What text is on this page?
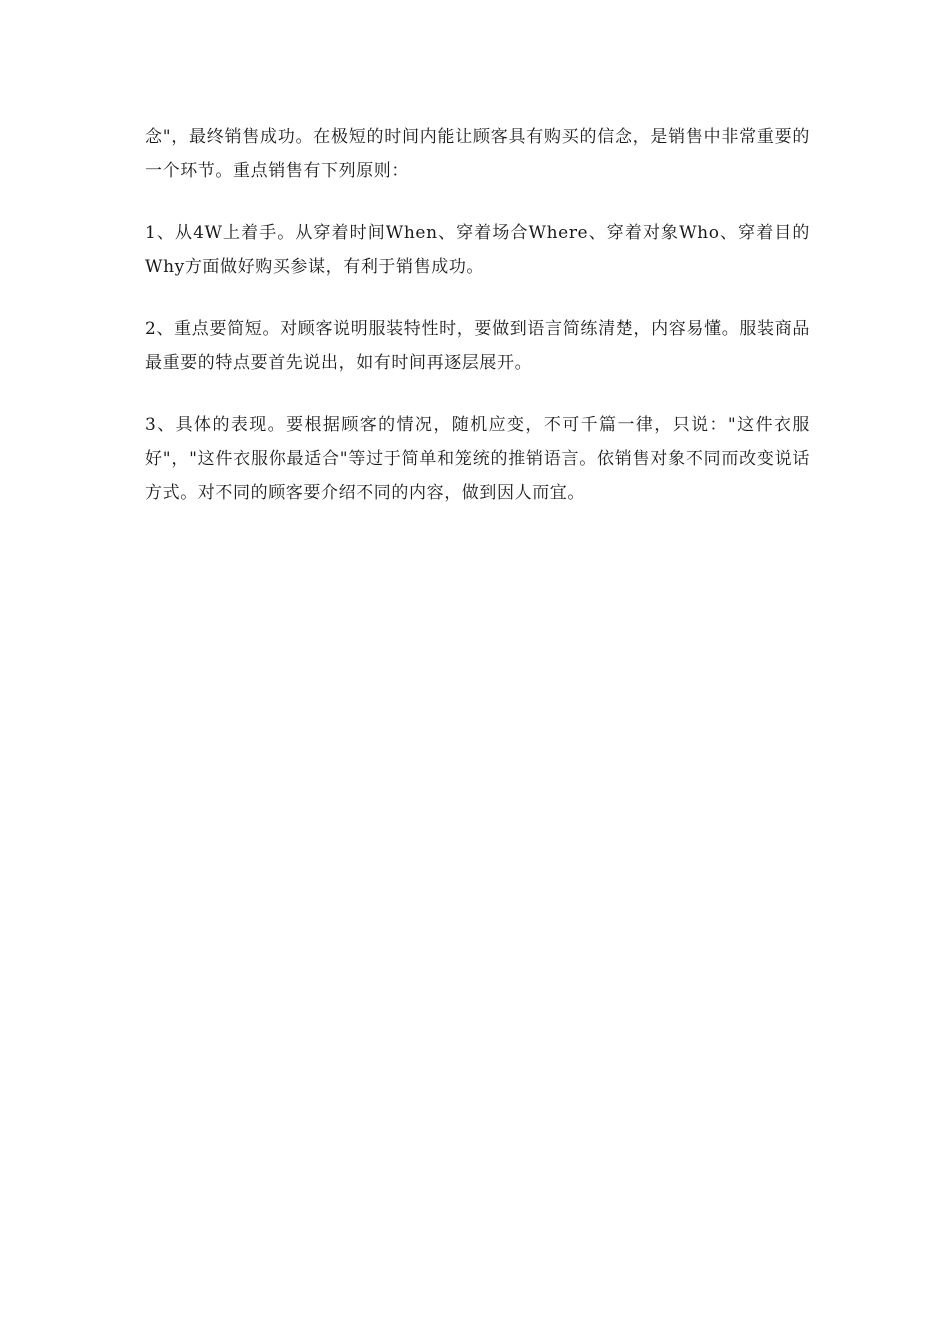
念"，最终销售成功。在极短的时间内能让顾客具有购买的信念，是销售中非常重要的一个环节。重点销售有下列原则：

1、从4W上着手。从穿着时间When、穿着场合Where、穿着对象Who、穿着目的Why方面做好购买参谋，有利于销售成功。

2、重点要简短。对顾客说明服装特性时，要做到语言简练清楚，内容易懂。服装商品最重要的特点要首先说出，如有时间再逐层展开。

3、具体的表现。要根据顾客的情况，随机应变，不可千篇一律，只说："这件衣服好"，"这件衣服你最适合"等过于简单和笼统的推销语言。依销售对象不同而改变说话方式。对不同的顾客要介绍不同的内容，做到因人而宜。
